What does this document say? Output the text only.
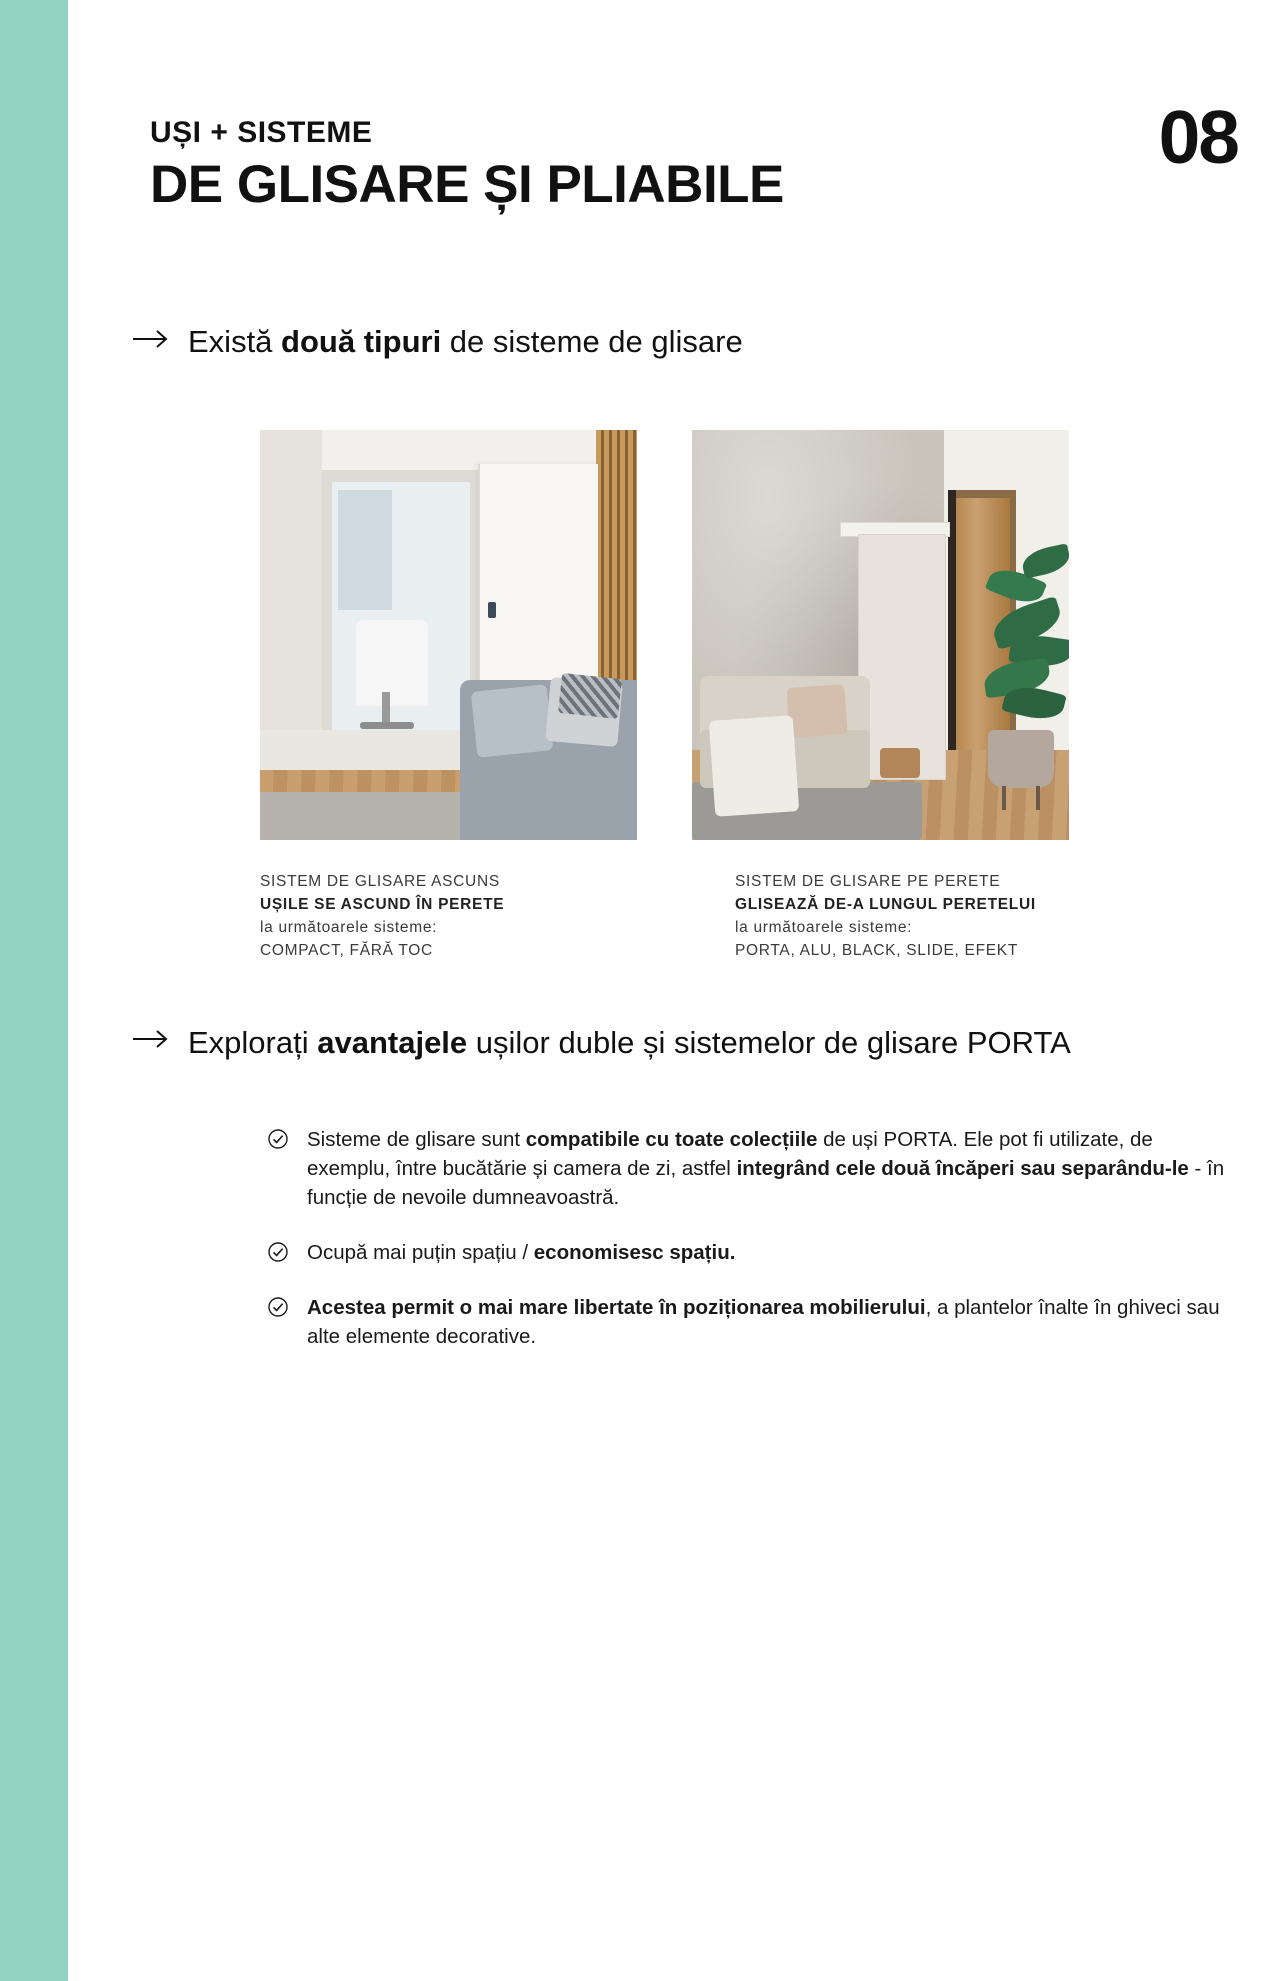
UȘI + SISTEME
DE GLISARE ȘI PLIABILE
08
Există două tipuri de sisteme de glisare
SISTEM DE GLISARE ASCUNS
UȘILE SE ASCUND ÎN PERETE
la următoarele sisteme:
COMPACT, FĂRĂ TOC
SISTEM DE GLISARE PE PERETE
GLISEAZĂ DE-A LUNGUL PERETELUI
la următoarele sisteme:
PORTA, ALU, BLACK, SLIDE, EFEKT
Explorați avantajele ușilor duble și sistemelor de glisare PORTA
Sisteme de glisare sunt compatibile cu toate colecțiile de uși PORTA. Ele pot fi utilizate, de exemplu, între bucătărie și camera de zi, astfel integrând cele două încăperi sau separându-le - în funcție de nevoile dumneavoastră.
Ocupă mai puțin spațiu / economisesc spațiu.
Acestea permit o mai mare libertate în poziționarea mobilierului, a plantelor înalte în ghiveci sau alte elemente decorative.
